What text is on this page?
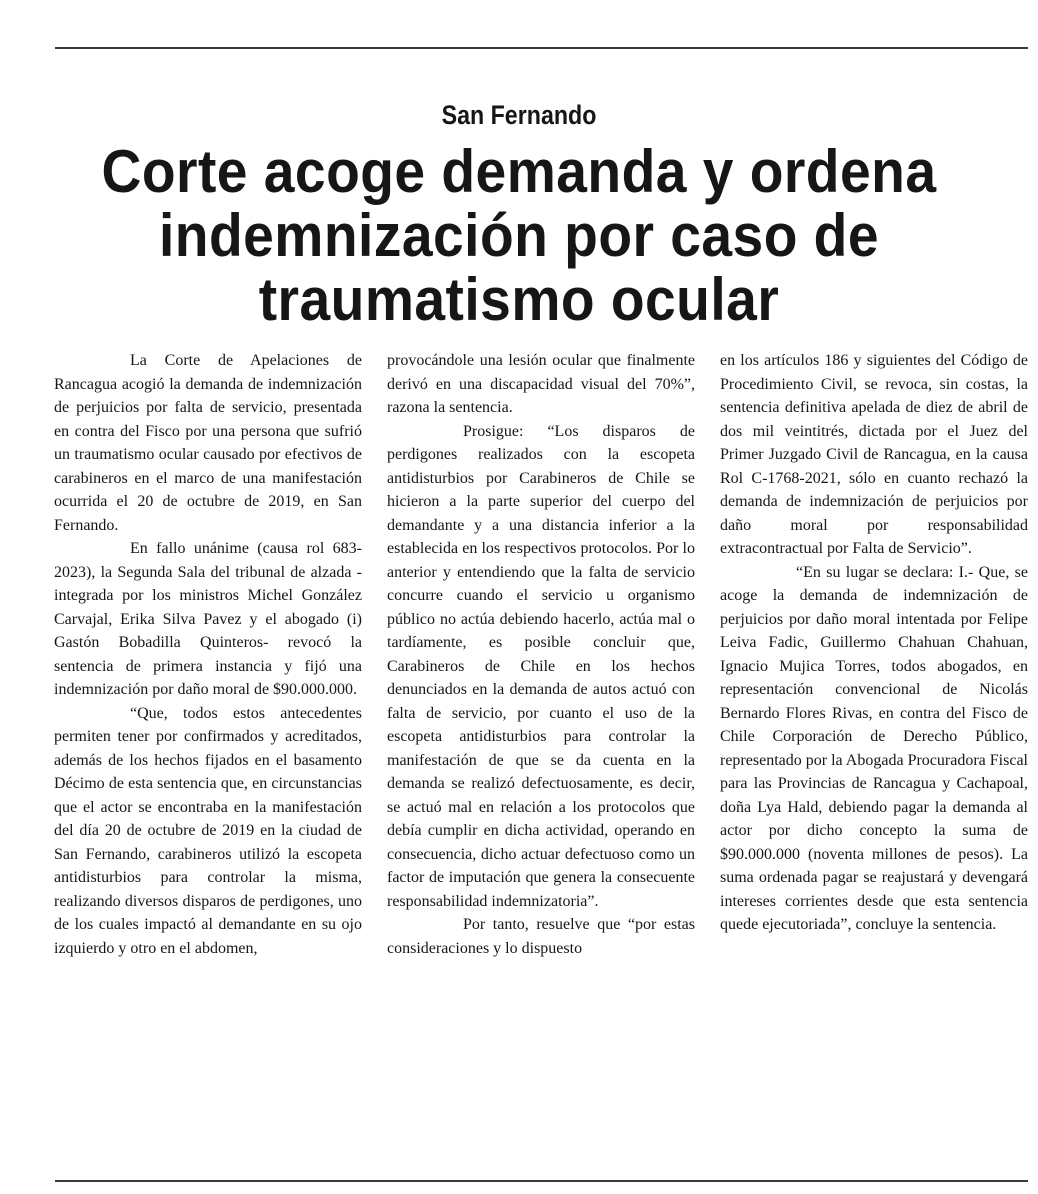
San Fernando
Corte acoge demanda y ordena
indemnización por caso de
traumatismo ocular

La Corte de Apelaciones de Rancagua acogió la demanda de indemnización de perjuicios por falta de servicio, presentada en contra del Fisco por una persona que sufrió un traumatismo ocular causado por efectivos de carabineros en el marco de una manifestación ocurrida el 20 de octubre de 2019, en San Fernando.

En fallo unánime (causa rol 683-2023), la Segunda Sala del tribunal de alzada -integrada por los ministros Michel González Carvajal, Erika Silva Pavez y el abogado (i) Gastón Bobadilla Quinteros- revocó la sentencia de primera instancia y fijó una indemnización por daño moral de $90.000.000.

“Que, todos estos antecedentes permiten tener por confirmados y acreditados, además de los hechos fijados en el basamento Décimo de esta sentencia que, en circunstancias que el actor se encontraba en la manifestación del día 20 de octubre de 2019 en la ciudad de San Fernando, carabineros utilizó la escopeta antidisturbios para controlar la misma, realizando diversos disparos de perdigones, uno de los cuales impactó al demandante en su ojo izquierdo y otro en el abdomen,

provocándole una lesión ocular que finalmente derivó en una discapacidad visual del 70%”, razona la sentencia.

Prosigue: “Los disparos de perdigones realizados con la escopeta antidisturbios por Carabineros de Chile se hicieron a la parte superior del cuerpo del demandante y a una distancia inferior a la establecida en los respectivos protocolos. Por lo anterior y entendiendo que la falta de servicio concurre cuando el servicio u organismo público no actúa debiendo hacerlo, actúa mal o tardíamente, es posible concluir que, Carabineros de Chile en los hechos denunciados en la demanda de autos actuó con falta de servicio, por cuanto el uso de la escopeta antidisturbios para controlar la manifestación de que se da cuenta en la demanda se realizó defectuosamente, es decir, se actuó mal en relación a los protocolos que debía cumplir en dicha actividad, operando en consecuencia, dicho actuar defectuoso como un factor de imputación que genera la consecuente responsabilidad indemnizatoria”.

Por tanto, resuelve que “por estas consideraciones y lo dispuesto

en los artículos 186 y siguientes del Código de Procedimiento Civil, se revoca, sin costas, la sentencia definitiva apelada de diez de abril de dos mil veintitrés, dictada por el Juez del Primer Juzgado Civil de Rancagua, en la causa Rol C-1768-2021, sólo en cuanto rechazó la demanda de indemnización de perjuicios por daño moral por responsabilidad extracontractual por Falta de Servicio”.

“En su lugar se declara: I.- Que, se acoge la demanda de indemnización de perjuicios por daño moral intentada por Felipe Leiva Fadic, Guillermo Chahuan Chahuan, Ignacio Mujica Torres, todos abogados, en representación convencional de Nicolás Bernardo Flores Rivas, en contra del Fisco de Chile Corporación de Derecho Público, representado por la Abogada Procuradora Fiscal para las Provincias de Rancagua y Cachapoal, doña Lya Hald, debiendo pagar la demanda al actor por dicho concepto la suma de $90.000.000 (noventa millones de pesos). La suma ordenada pagar se reajustará y devengará intereses corrientes desde que esta sentencia quede ejecutoriada”, concluye la sentencia.
